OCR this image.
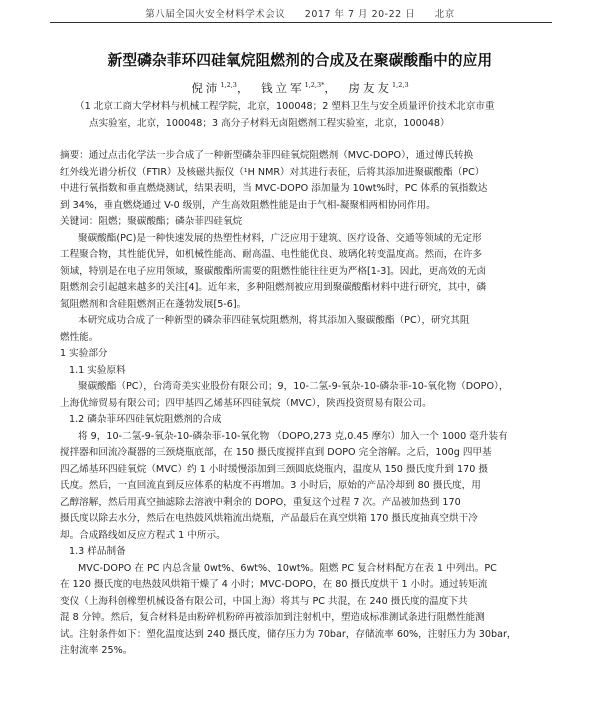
第八届全国火安全材料学术会议 2017 年 7 月 20-22 日 北京
新型磷杂菲环四硅氧烷阻燃剂的合成及在聚碳酸酯中的应用
倪沛$^{1,2,3}$， 钱立军$^{1,2,3*}$， 房友友$^{1,2,3}$
（1 北京工商大学材料与机械工程学院，北京，100048；2 塑料卫生与安全质量评价技术北京市重
点实验室，北京，100048；3 高分子材料无卤阻燃剂工程实验室，北京，100048）

摘要：通过点击化学法一步合成了一种新型磷杂菲四硅氧烷阻燃剂（MVC-DOPO），通过傅氏转换

红外线光谱分析仪（FTIR）及核磁共振仪（¹H NMR）对其进行表征，后将其添加进聚碳酸酯（PC）

中进行氧指数和垂直燃烧测试，结果表明，当 MVC-DOPO 添加量为 10wt%时，PC 体系的氧指数达

到 34%，垂直燃烧通过 V-0 级别，产生高效阻燃性能是由于气相-凝聚相两相协同作用。

关键词：阻燃；聚碳酸酯；磷杂菲四硅氧烷

聚碳酸酯(PC)是一种快速发展的热塑性材料，广泛应用于建筑、医疗设备、交通等领域的无定形

工程聚合物，其性能优异，如机械性能高、耐高温、电性能优良、玻璃化转变温度高。然而，在许多

领域，特别是在电子应用领域，聚碳酸酯所需要的阻燃性能往往更为严格[1-3]。因此，更高效的无卤

阻燃剂会引起越来越多的关注[4]。近年来，多种阻燃剂被应用到聚碳酸酯材料中进行研究，其中，磷

氮阻燃剂和含硅阻燃剂正在蓬勃发展[5-6]。

本研究成功合成了一种新型的磷杂菲四硅氧烷阻燃剂，将其添加入聚碳酸酯（PC），研究其阻

燃性能。

1 实验部分

1.1 实验原料

聚碳酸酯（PC），台湾奇美实业股份有限公司；9，10-二氢-9-氧杂-10-磷杂菲-10-氧化物（DOPO），

上海优缔贸易有限公司；四甲基四乙烯基环四硅氧烷（MVC），陕西投资贸易有限公司。

1.2 磷杂菲环四硅氧烷阻燃剂的合成

将 9，10-二氢-9-氧杂-10-磷杂菲-10-氧化物 （DOPO,273 克,0.45 摩尔）加入一个 1000 毫升装有

搅拌器和回流冷凝器的三颈烧瓶底部，在 150 摄氏度搅拌直到 DOPO 完全溶解。之后，100g 四甲基

四乙烯基环四硅氧烷（MVC）约 1 小时缓慢添加到三颈圆底烧瓶内，温度从 150 摄氏度升到 170 摄

氏度。然后，一直回流直到反应体系的粘度不再增加。3 小时后，原始的产品冷却到 80 摄氏度，用

乙醇溶解，然后用真空抽滤除去溶液中剩余的 DOPO，重复这个过程 7 次。产品被加热到 170

摄氏度以除去水分，然后在电热鼓风烘箱流出烧瓶，产品最后在真空烘箱 170 摄氏度抽真空烘干冷

却。合成路线如反应方程式 1 中所示。

1.3 样品制备

MVC-DOPO 在 PC 内总含量 0wt%、6wt%、10wt%。阻燃 PC 复合材料配方在表 1 中列出。PC

在 120 摄氏度的电热鼓风烘箱干燥了 4 小时；MVC-DOPO，在 80 摄氏度烘干 1 小时。通过转矩流

变仪（上海科创橡塑机械设备有限公司，中国上海）将其与 PC 共混，在 240 摄氏度的温度下共

混 8 分钟。然后，复合材料是由粉碎机粉碎再被添加到注射机中，塑造成标准测试条进行阻燃性能测

试。注射条件如下：塑化温度达到 240 摄氏度，储存压力为 70bar，存储流率 60%，注射压力为 30bar，

注射流率 25%。
